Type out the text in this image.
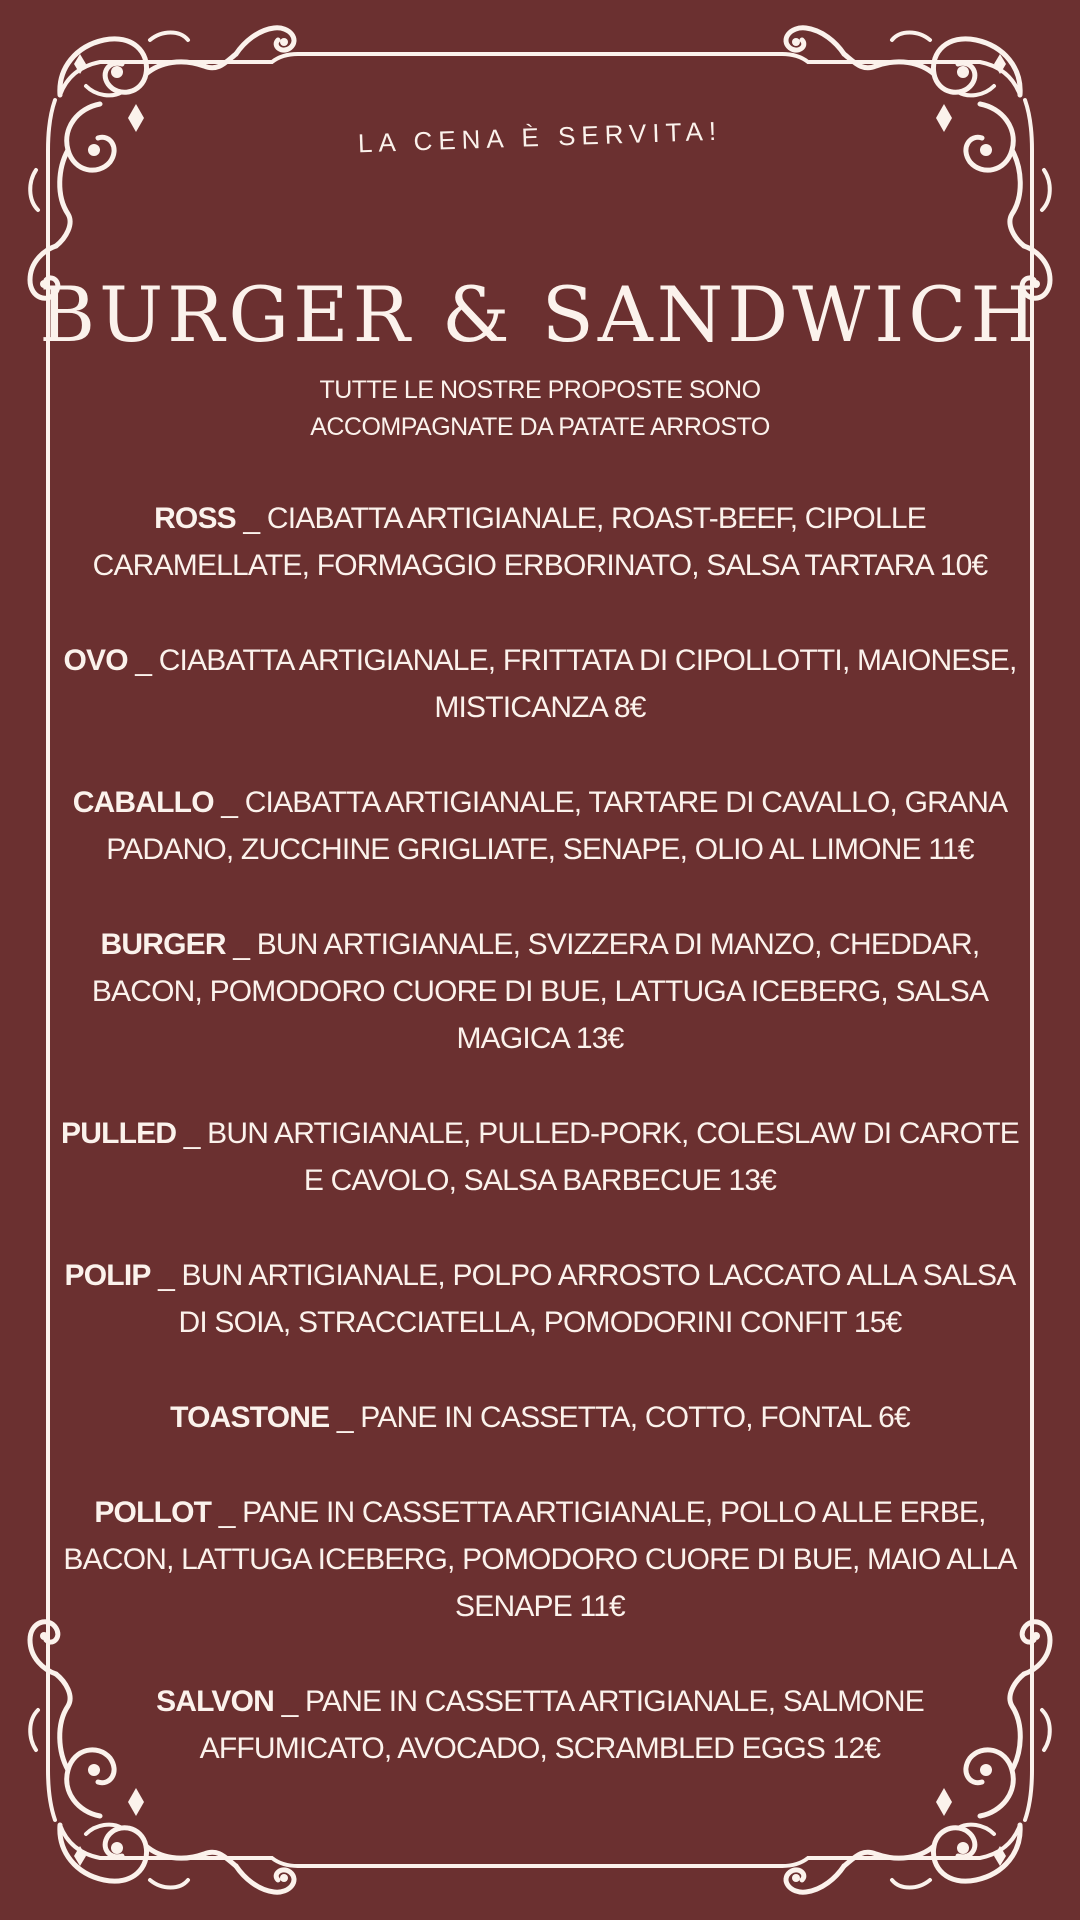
LA CENA È SERVITA!
BURGER & SANDWICH
TUTTE LE NOSTRE PROPOSTE SONO ACCOMPAGNATE DA PATATE ARROSTO
ROSS _ CIABATTA ARTIGIANALE, ROAST-BEEF, CIPOLLE CARAMELLATE, FORMAGGIO ERBORINATO, SALSA TARTARA 10€
OVO _ CIABATTA ARTIGIANALE, FRITTATA DI CIPOLLOTTI, MAIONESE, MISTICANZA 8€
CABALLO _ CIABATTA ARTIGIANALE, TARTARE DI CAVALLO, GRANA PADANO, ZUCCHINE GRIGLIATE, SENAPE, OLIO AL LIMONE 11€
BURGER _ BUN ARTIGIANALE, SVIZZERA DI MANZO, CHEDDAR, BACON, POMODORO CUORE DI BUE, LATTUGA ICEBERG, SALSA MAGICA 13€
PULLED _ BUN ARTIGIANALE, PULLED-PORK, COLESLAW DI CAROTE E CAVOLO, SALSA BARBECUE 13€
POLIP _ BUN ARTIGIANALE, POLPO ARROSTO LACCATO ALLA SALSA DI SOIA, STRACCIATELLA, POMODORINI CONFIT 15€
TOASTONE _ PANE IN CASSETTA, COTTO, FONTAL 6€
POLLOT _ PANE IN CASSETTA ARTIGIANALE, POLLO ALLE ERBE, BACON, LATTUGA ICEBERG, POMODORO CUORE DI BUE, MAIO ALLA SENAPE 11€
SALVON _ PANE IN CASSETTA ARTIGIANALE, SALMONE AFFUMICATO, AVOCADO, SCRAMBLED EGGS 12€
